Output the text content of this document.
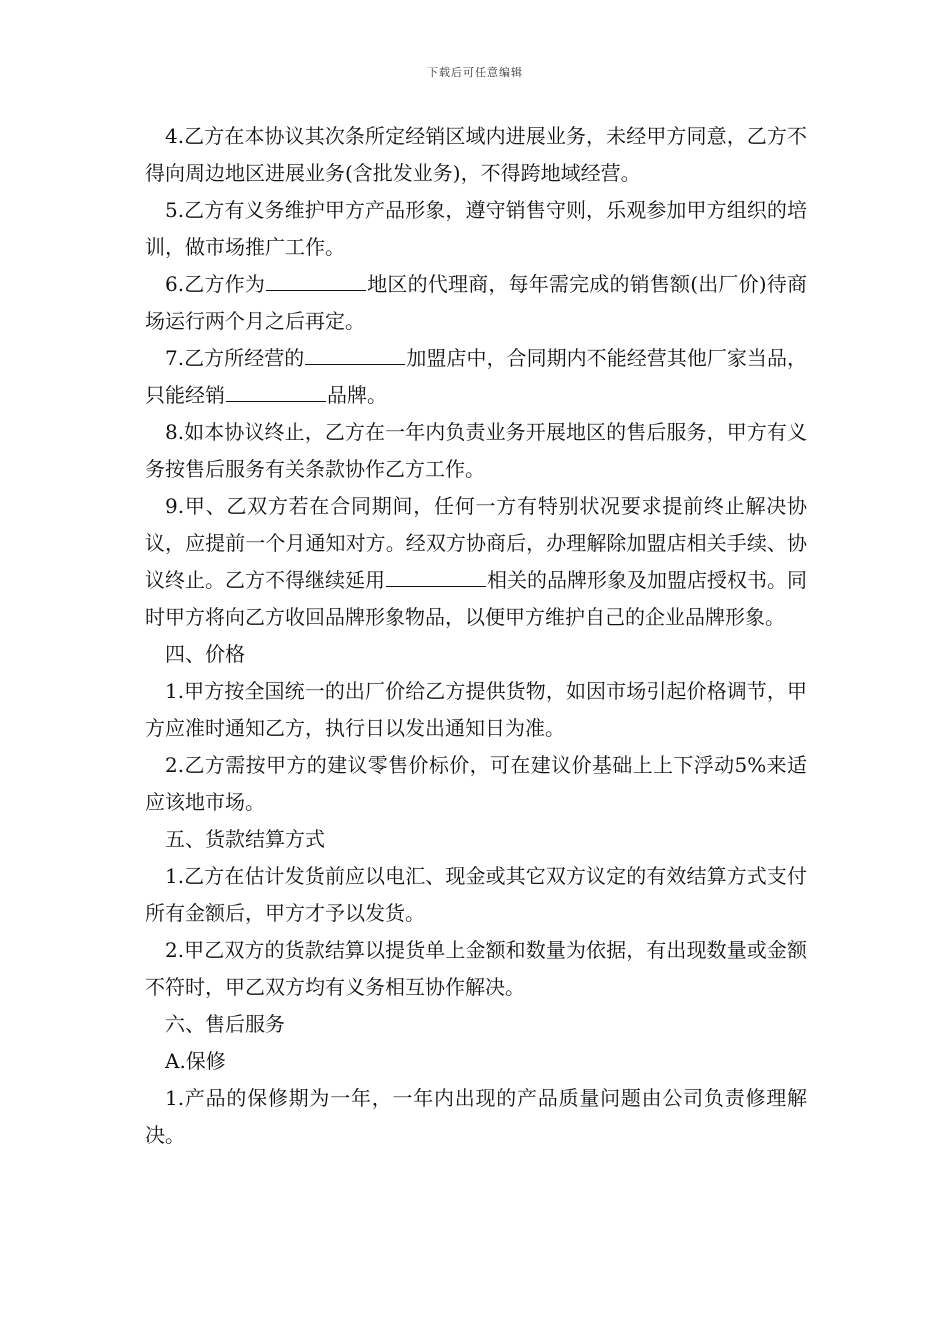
下载后可任意编辑

4.乙方在本协议其次条所定经销区域内进展业务，未经甲方同意，乙方不得向周边地区进展业务(含批发业务)，不得跨地域经营。

5.乙方有义务维护甲方产品形象，遵守销售守则，乐观参加甲方组织的培训，做市场推广工作。

6.乙方作为	地区的代理商，每年需完成的销售额(出厂价)待商场运行两个月之后再定。

7.乙方所经营的	加盟店中，合同期内不能经营其他厂家当品，只能经销	品牌。

8.如本协议终止，乙方在一年内负责业务开展地区的售后服务，甲方有义务按售后服务有关条款协作乙方工作。

9.甲、乙双方若在合同期间，任何一方有特别状况要求提前终止解决协议，应提前一个月通知对方。经双方协商后，办理解除加盟店相关手续、协议终止。乙方不得继续延用	相关的品牌形象及加盟店授权书。同时甲方将向乙方收回品牌形象物品，以便甲方维护自己的企业品牌形象。

四、价格

1.甲方按全国统一的出厂价给乙方提供货物，如因市场引起价格调节，甲方应准时通知乙方，执行日以发出通知日为准。

2.乙方需按甲方的建议零售价标价，可在建议价基础上上下浮动5%来适应该地市场。

五、货款结算方式

1.乙方在估计发货前应以电汇、现金或其它双方议定的有效结算方式支付所有金额后，甲方才予以发货。

2.甲乙双方的货款结算以提货单上金额和数量为依据，有出现数量或金额不符时，甲乙双方均有义务相互协作解决。

六、售后服务

A.保修

1.产品的保修期为一年，一年内出现的产品质量问题由公司负责修理解决。
